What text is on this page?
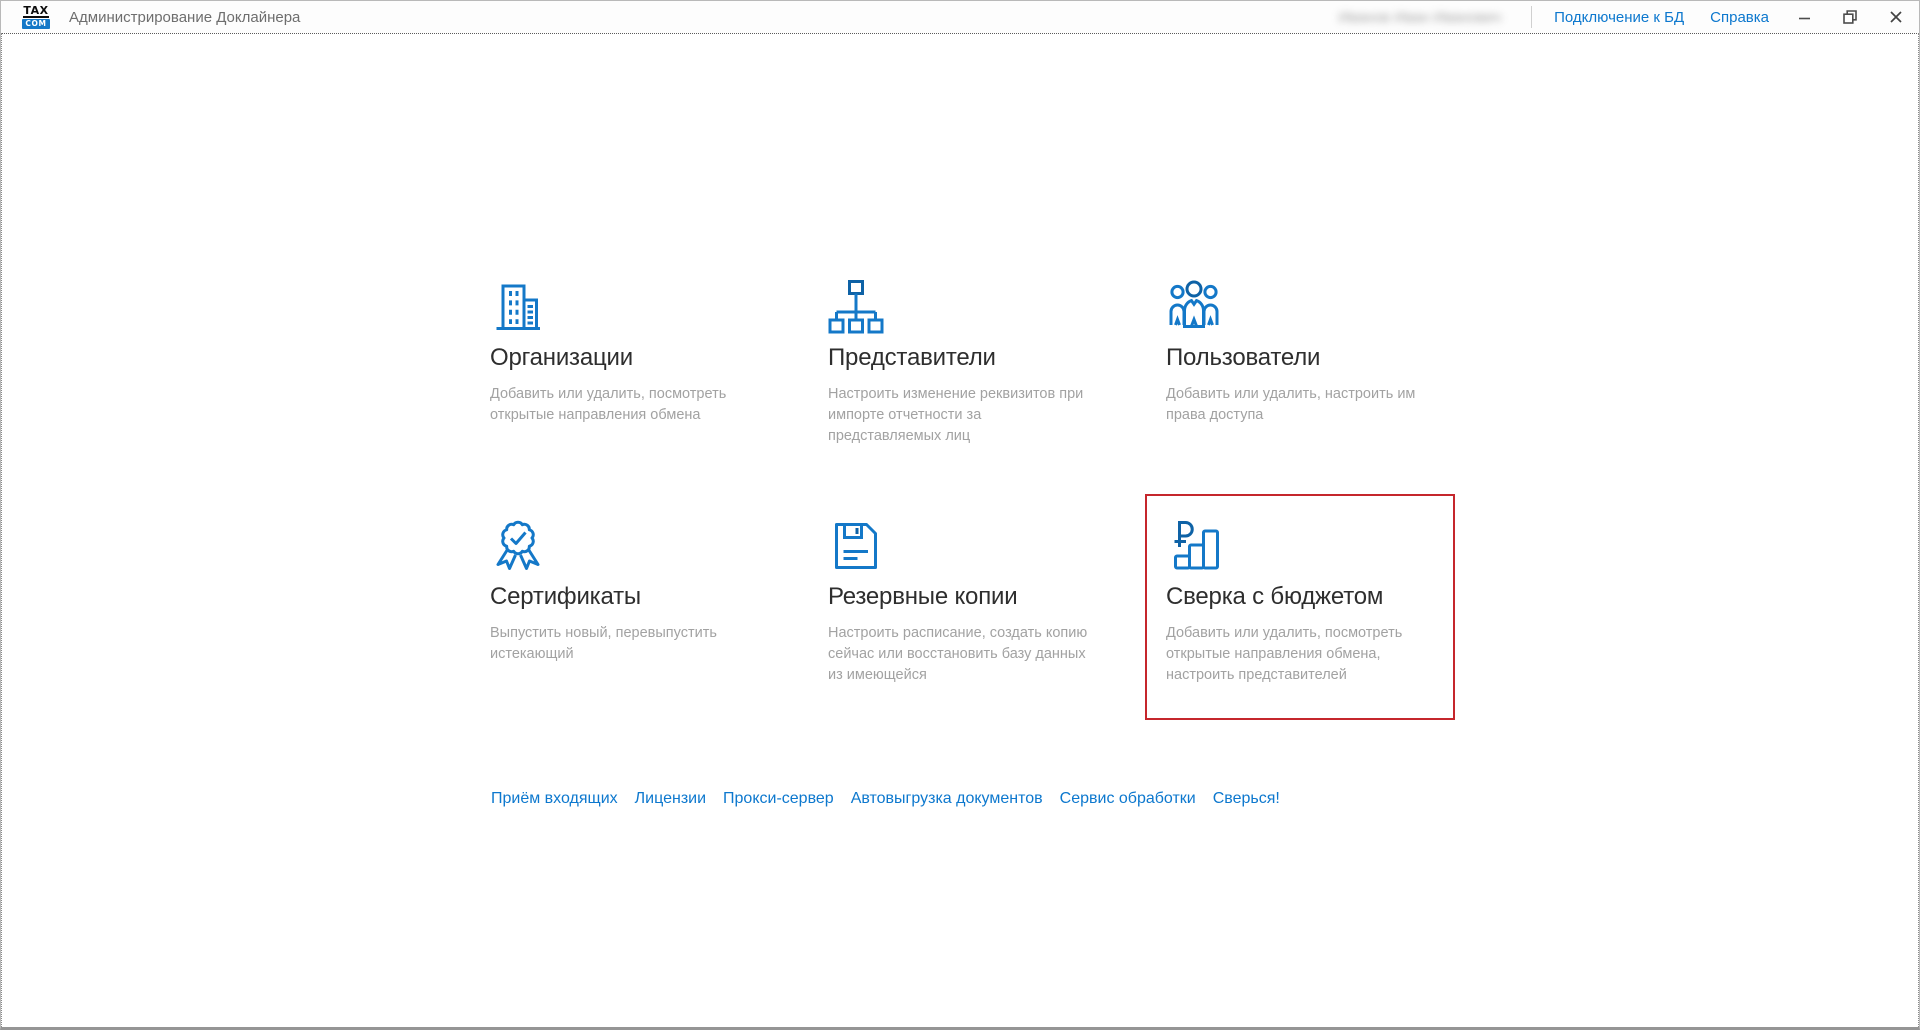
TAX
COM Администрирование Доклайнера	Иванов Иван Иванович	Подключение к БД Справка
Организации

Добавить или удалить, посмотреть открытые направления обмена

Представители

Настроить изменение реквизитов при импорте отчетности за представляемых лиц

Пользователи

Добавить или удалить, настроить им права доступа

Сертификаты

Выпустить новый, перевыпустить истекающий

Резервные копии

Настроить расписание, создать копию сейчас или восстановить базу данных из имеющейся

Сверка с бюджетом

Добавить или удалить, посмотреть открытые направления обмена, настроить представителей

Приём входящих Лицензии Прокси-сервер Автовыгрузка документов Сервис обработки Сверься!
